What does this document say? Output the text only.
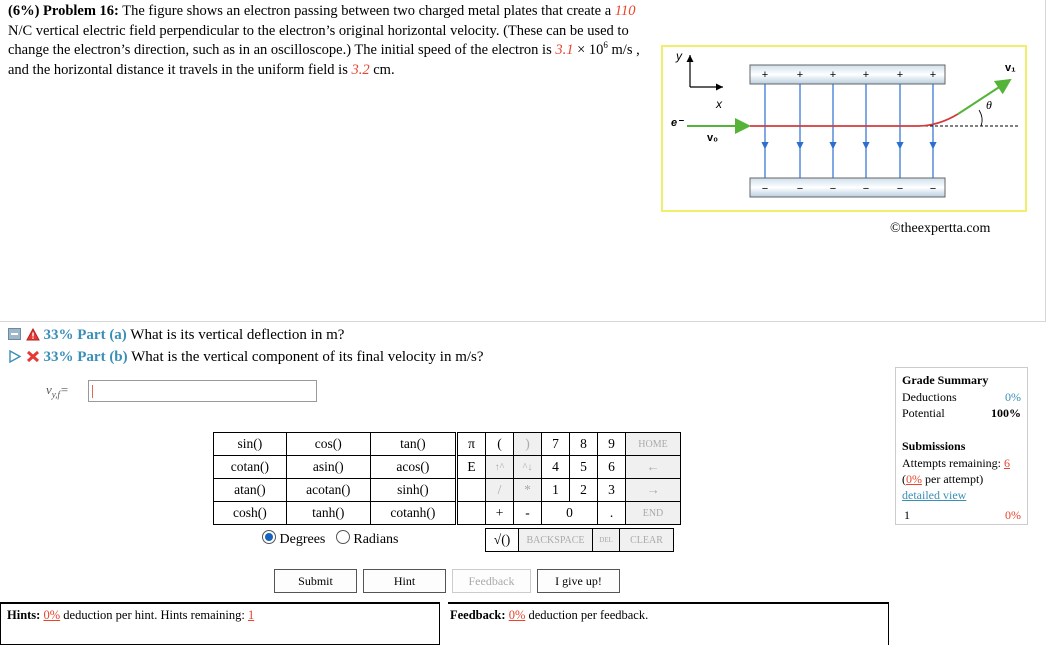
(6%) Problem 16: The figure shows an electron passing between two charged metal plates that create a 110 N/C vertical electric field perpendicular to the electron’s original horizontal velocity. (These can be used to change the electron’s direction, such as in an oscilloscope.) The initial speed of the electron is $3.1 \times 10^6$ m/s , and the horizontal distance it travels in the uniform field is 3.2 cm.
y
x
+	+ + +	+ +
−	− − −	− −
θ
e⁻
v₀
v₁
©theexpertta.com
33% Part (a) What is its vertical deflection in m?
33% Part (b) What is the vertical component of its final velocity in m/s?
$v_{y,f}=$
sin()	cos()	tan()
cotan()	asin()	acos()
atan()	acotan()	sinh()
cosh()	tanh()	cotanh()
Degrees Radians
π	(	)	7	8	9	HOME
E	↑^	^↓	4	5	6	←
	/	*	1	2	3	→
	+	-	0		.	END
√()	BACKSPACE	DEL	CLEAR
Submit	Hint	Feedback	I give up!
Grade Summary
Deductions	0%
Potential	100%
Submissions
Attempts remaining: 6
(0% per attempt)
detailed view
1	0%
Hints: 0% deduction per hint. Hints remaining: 1	Feedback: 0% deduction per feedback.
